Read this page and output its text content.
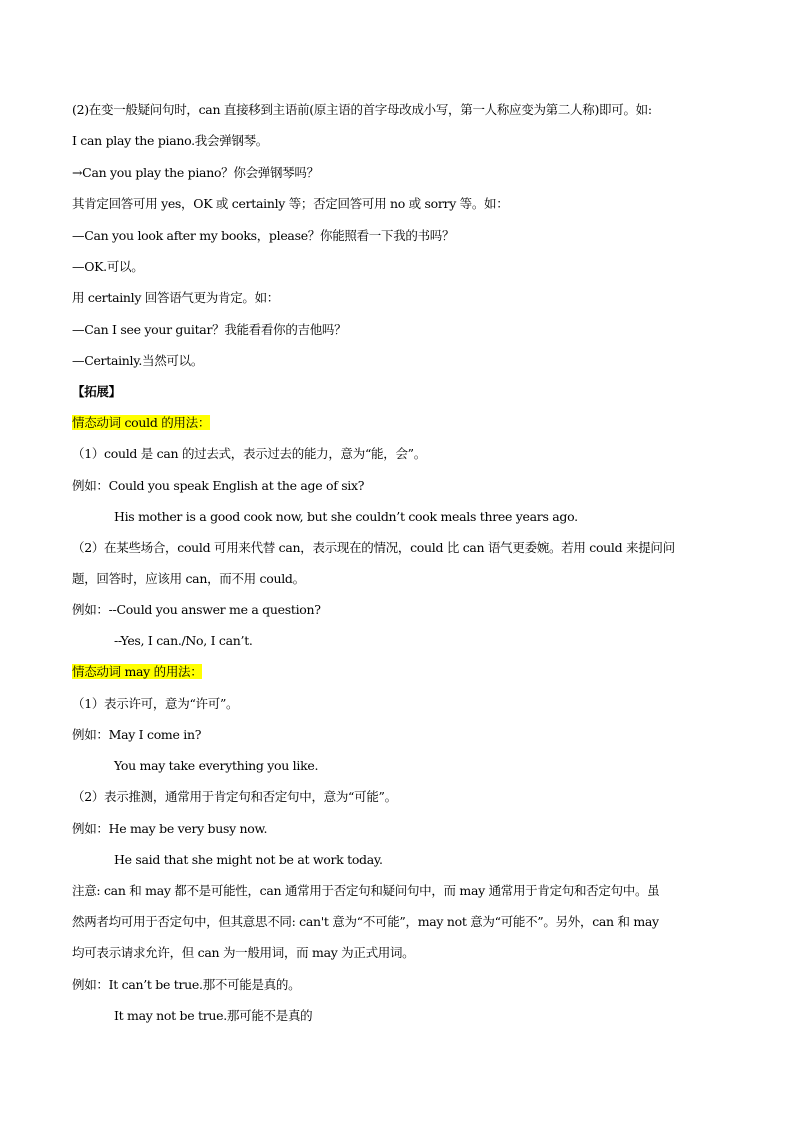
(2)在变一般疑问句时，can 直接移到主语前(原主语的首字母改成小写，第一人称应变为第二人称)即可。如:
I can play the piano.我会弹钢琴。
→Can you play the piano？你会弹钢琴吗？
其肯定回答可用 yes，OK 或 certainly 等；否定回答可用 no 或 sorry 等。如：
—Can you look after my books，please？你能照看一下我的书吗？
—OK.可以。
用 certainly 回答语气更为肯定。如：
—Can I see your guitar？我能看看你的吉他吗？
—Certainly.当然可以。
【拓展】
情态动词 could 的用法：
（1）could 是 can 的过去式，表示过去的能力，意为“能，会”。
例如：Could you speak English at the age of six?
His mother is a good cook now, but she couldn’t cook meals three years ago.
（2）在某些场合，could 可用来代替 can，表示现在的情况，could 比 can 语气更委婉。若用 could 来提问问
题，回答时，应该用 can，而不用 could。
例如：--Could you answer me a question?
--Yes, I can./No, I can’t.
情态动词 may 的用法：
（1）表示许可，意为“许可”。
例如：May I come in?
You may take everything you like.
（2）表示推测，通常用于肯定句和否定句中，意为“可能”。
例如：He may be very busy now.
He said that she might not be at work today.
注意: can 和 may 都不是可能性，can 通常用于否定句和疑问句中，而 may 通常用于肯定句和否定句中。虽
然两者均可用于否定句中，但其意思不同: can't 意为“不可能”，may not 意为“可能不”。另外，can 和 may
均可表示请求允许，但 can 为一般用词，而 may 为正式用词。
例如：It can’t be true.那不可能是真的。
It may not be true.那可能不是真的
